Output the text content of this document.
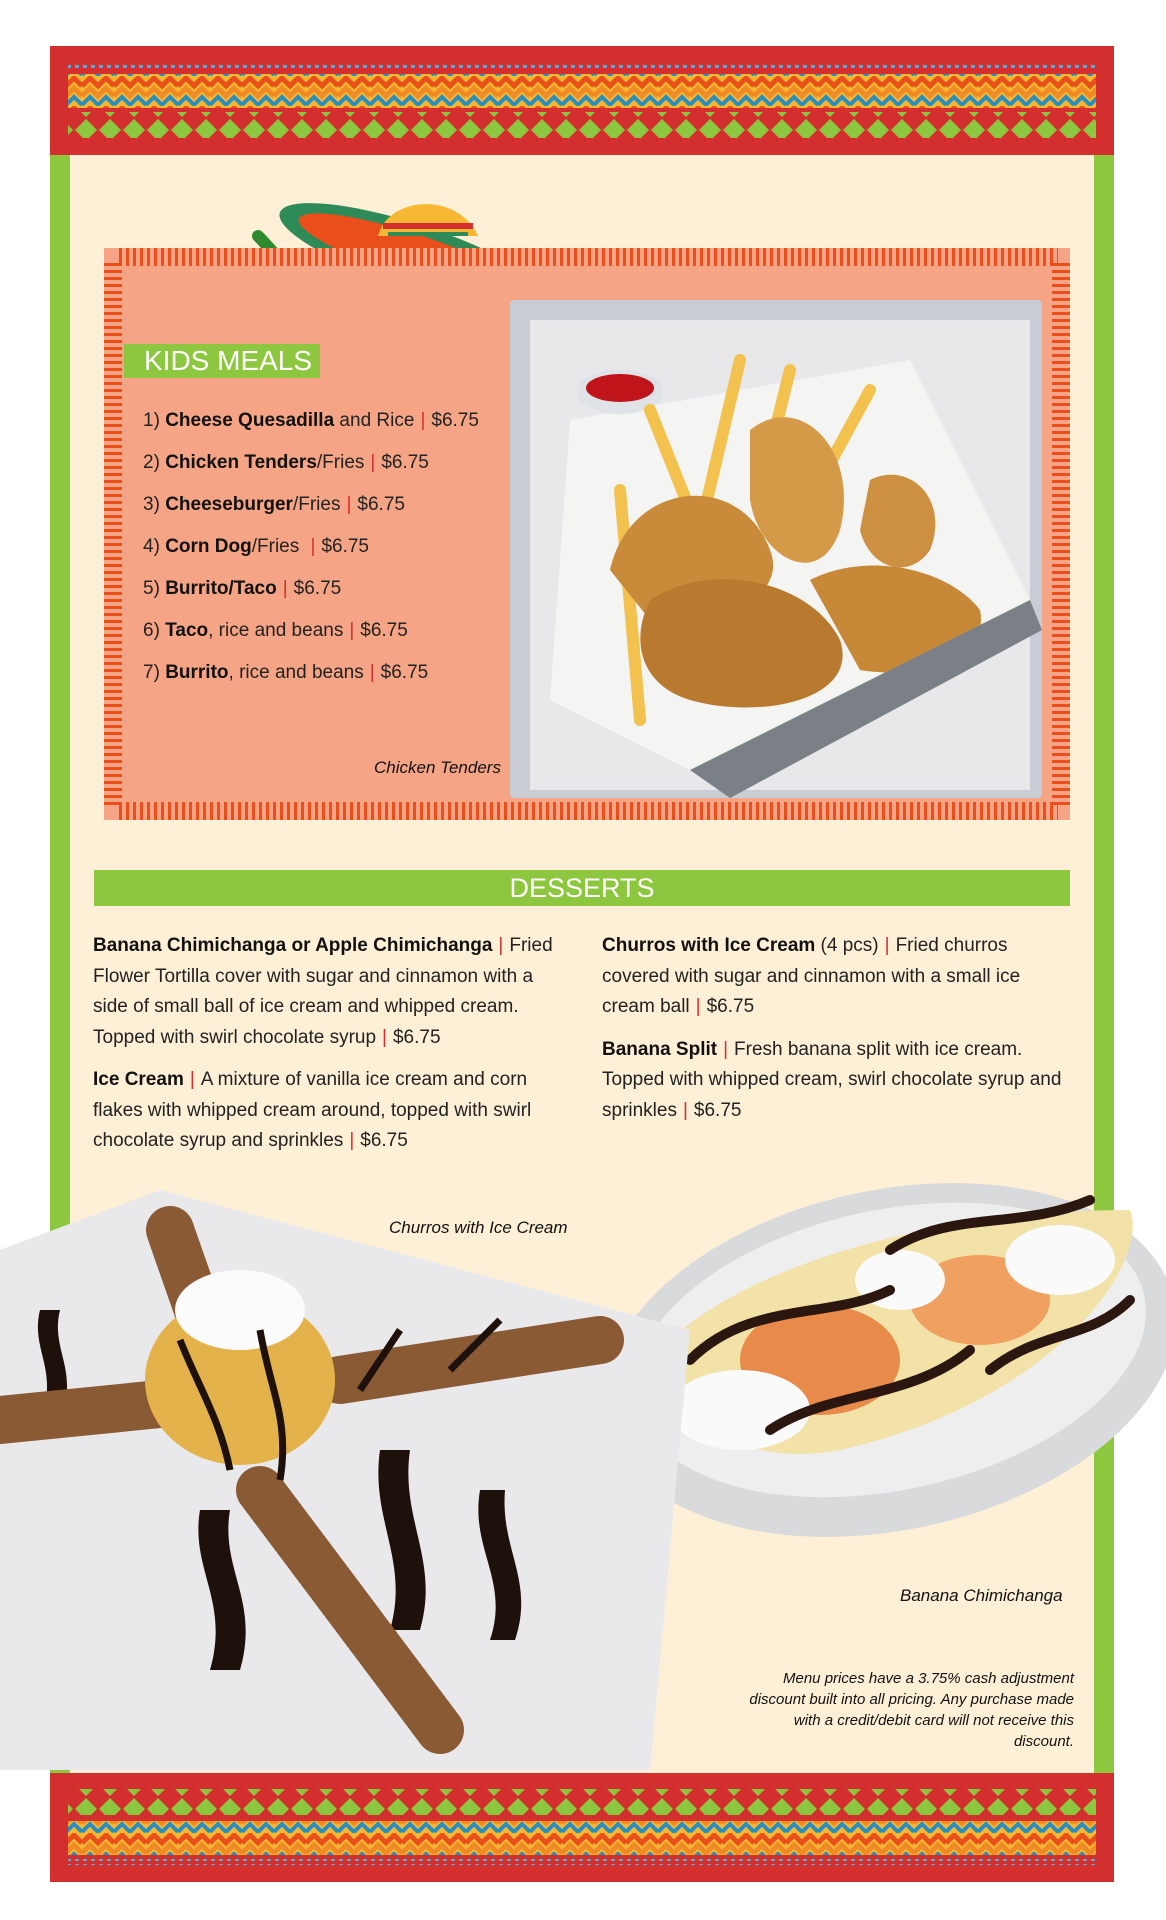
KIDS MEALS
1) Cheese Quesadilla and Rice | $6.75
2) Chicken Tenders/Fries | $6.75
3) Cheeseburger/Fries | $6.75
4) Corn Dog/Fries | $6.75
5) Burrito/Taco | $6.75
6) Taco, rice and beans | $6.75
7) Burrito, rice and beans | $6.75
Chicken Tenders
DESSERTS

Banana Chimichanga or Apple Chimichanga | Fried Flower Tortilla cover with sugar and cinnamon with a side of small ball of ice cream and whipped cream. Topped with swirl chocolate syrup | $6.75

Ice Cream | A mixture of vanilla ice cream and corn flakes with whipped cream around, topped with swirl chocolate syrup and sprinkles | $6.75

Churros with Ice Cream (4 pcs) | Fried churros covered with sugar and cinnamon with a small ice cream ball | $6.75

Banana Split | Fresh banana split with ice cream. Topped with whipped cream, swirl chocolate syrup and sprinkles | $6.75

Churros with Ice Cream
Banana Chimichanga
Menu prices have a 3.75% cash adjustment discount built into all pricing. Any purchase made with a credit/debit card will not receive this discount.
